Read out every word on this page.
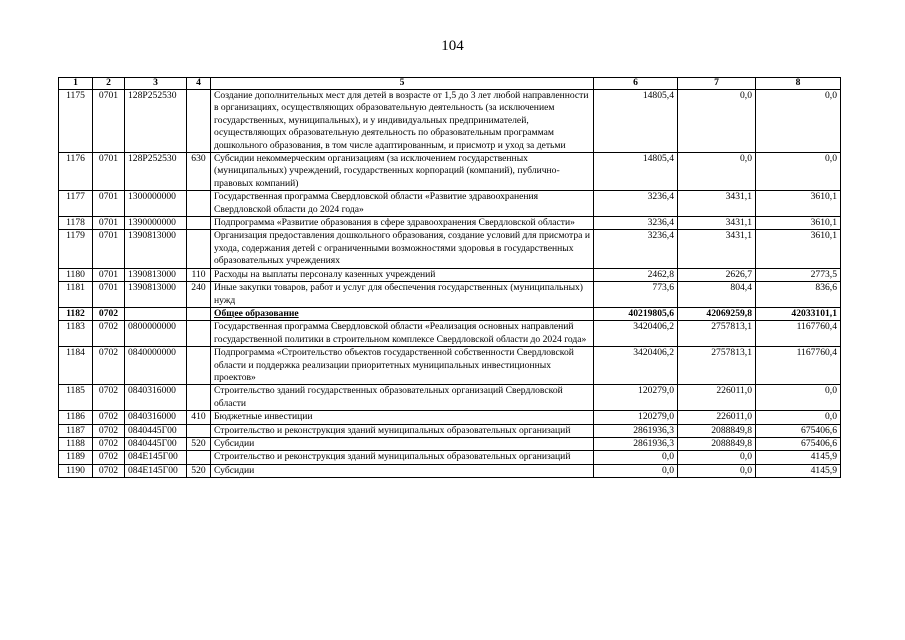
104
1	2	3	4	5	6	7	8
1175	0701	128P252530		Создание дополнительных мест для детей в возрасте от 1,5 до 3 лет любой направленности в организациях, осуществляющих образовательную деятельность (за исключением государственных, муниципальных), и у индивидуальных предпринимателей, осуществляющих образовательную деятельность по образовательным программам дошкольного образования, в том числе адаптированным, и присмотр и уход за детьми	14805,4	0,0	0,0
1176	0701	128P252530	630	Субсидии некоммерческим организациям (за исключением государственных (муниципальных) учреждений, государственных корпораций (компаний), публично-правовых компаний)	14805,4	0,0	0,0
1177	0701	1300000000		Государственная программа Свердловской области «Развитие здравоохранения Свердловской области до 2024 года»	3236,4	3431,1	3610,1
1178	0701	1390000000		Подпрограмма «Развитие образования в сфере здравоохранения Свердловской области»	3236,4	3431,1	3610,1
1179	0701	1390813000		Организация предоставления дошкольного образования, создание условий для присмотра и ухода, содержания детей с ограниченными возможностями здоровья в государственных образовательных учреждениях	3236,4	3431,1	3610,1
1180	0701	1390813000	110	Расходы на выплаты персоналу казенных учреждений	2462,8	2626,7	2773,5
1181	0701	1390813000	240	Иные закупки товаров, работ и услуг для обеспечения государственных (муниципальных) нужд	773,6	804,4	836,6
1182	0702			Общее образование	40219805,6	42069259,8	42033101,1
1183	0702	0800000000		Государственная программа Свердловской области «Реализация основных направлений государственной политики в строительном комплексе Свердловской области до 2024 года»	3420406,2	2757813,1	1167760,4
1184	0702	0840000000		Подпрограмма «Строительство объектов государственной собственности Свердловской области и поддержка реализации приоритетных муниципальных инвестиционных проектов»	3420406,2	2757813,1	1167760,4
1185	0702	0840316000		Строительство зданий государственных образовательных организаций Свердловской области	120279,0	226011,0	0,0
1186	0702	0840316000	410	Бюджетные инвестиции	120279,0	226011,0	0,0
1187	0702	0840445Г00		Строительство и реконструкция зданий муниципальных образовательных организаций	2861936,3	2088849,8	675406,6
1188	0702	0840445Г00	520	Субсидии	2861936,3	2088849,8	675406,6
1189	0702	084E145Г00		Строительство и реконструкция зданий муниципальных образовательных организаций	0,0	0,0	4145,9
1190	0702	084E145Г00	520	Субсидии	0,0	0,0	4145,9
